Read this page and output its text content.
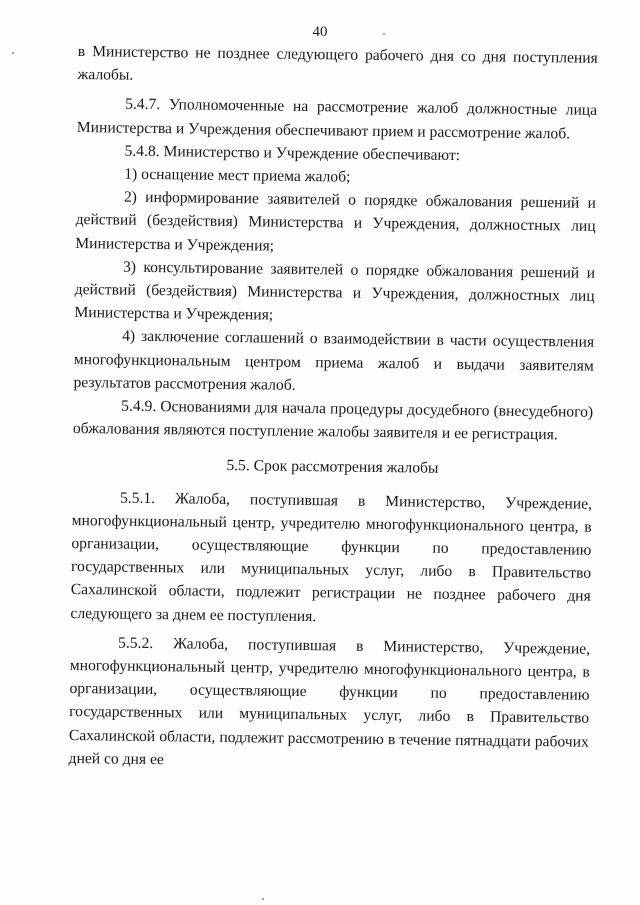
40

в Министерство не позднее следующего рабочего дня со дня поступления жалобы.

5.4.7. Уполномоченные на рассмотрение жалоб должностные лица Министерства и Учреждения обеспечивают прием и рассмотрение жалоб.

5.4.8. Министерство и Учреждение обеспечивают:

1) оснащение мест приема жалоб;

2) информирование заявителей о порядке обжалования решений и действий (бездействия) Министерства и Учреждения, должностных лиц Министерства и Учреждения;

3) консультирование заявителей о порядке обжалования решений и действий (бездействия) Министерства и Учреждения, должностных лиц Министерства и Учреждения;

4) заключение соглашений о взаимодействии в части осуществления многофункциональным центром приема жалоб и выдачи заявителям результатов рассмотрения жалоб.

5.4.9. Основаниями для начала процедуры досудебного (внесудебного) обжалования являются поступление жалобы заявителя и ее регистрация.

5.5. Срок рассмотрения жалобы

5.5.1. Жалоба, поступившая в Министерство, Учреждение, многофункциональный центр, учредителю многофункционального центра, в организации, осуществляющие функции по предоставлению государственных или муниципальных услуг, либо в Правительство Сахалинской области, подлежит регистрации не позднее рабочего дня следующего за днем ее поступления.

5.5.2. Жалоба, поступившая в Министерство, Учреждение, многофункциональный центр, учредителю многофункционального центра, в организации, осуществляющие функции по предоставлению государственных или муниципальных услуг, либо в Правительство Сахалинской области, подлежит рассмотрению в течение пятнадцати рабочих дней со дня ее
